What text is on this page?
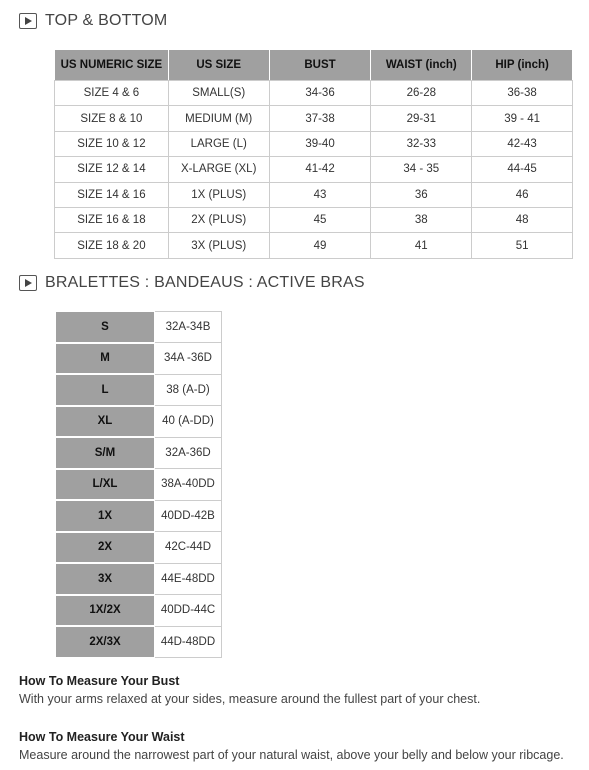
TOP & BOTTOM
US NUMERIC SIZE	US SIZE	BUST	WAIST (inch)	HIP (inch)
SIZE 4 & 6	SMALL(S)	34-36	26-28	36-38
SIZE 8 & 10	MEDIUM (M)	37-38	29-31	39 - 41
SIZE 10 & 12	LARGE (L)	39-40	32-33	42-43
SIZE 12 & 14	X-LARGE (XL)	41-42	34 - 35	44-45
SIZE 14 & 16	1X (PLUS)	43	36	46
SIZE 16 & 18	2X (PLUS)	45	38	48
SIZE 18 & 20	3X (PLUS)	49	41	51
BRALETTES : BANDEAUS : ACTIVE BRAS
S	32A-34B
M	34A -36D
L	38 (A-D)
XL	40 (A-DD)
S/M	32A-36D
L/XL	38A-40DD
1X	40DD-42B
2X	42C-44D
3X	44E-48DD
1X/2X	40DD-44C
2X/3X	44D-48DD

How To Measure Your Bust

With your arms relaxed at your sides, measure around the fullest part of your chest.

How To Measure Your Waist

Measure around the narrowest part of your natural waist, above your belly and below your ribcage.
